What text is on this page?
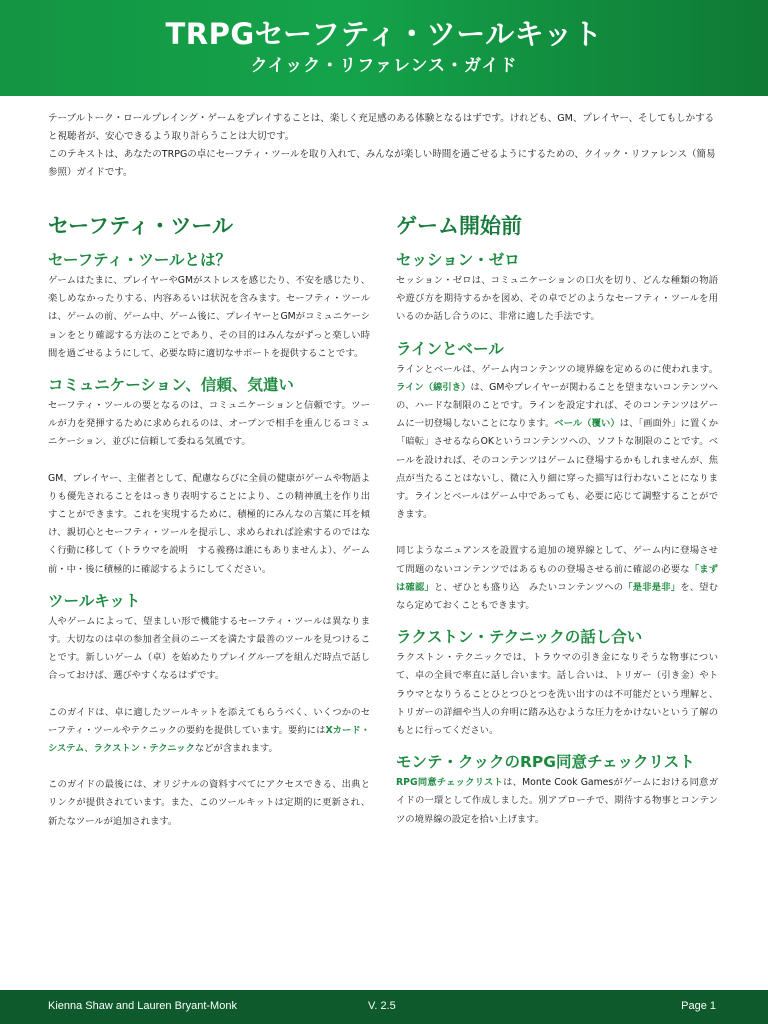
TRPGセーフティ・ツールキット
クイック・リファレンス・ガイド

テーブルトーク・ロールプレイング・ゲームをプレイすることは、楽しく充足感のある体験となるはずです。けれども、GM、プレイヤー、そしてもしかすると視聴者が、安心できるよう取り計らうことは大切です。

このテキストは、あなたのTRPGの卓にセーフティ・ツールを取り入れて、みんなが楽しい時間を過ごせるようにするための、クイック・リファレンス（簡易参照）ガイドです。

セーフティ・ツール
セーフティ・ツールとは？

ゲームはたまに、プレイヤーやGMがストレスを感じたり、不安を感じたり、楽しめなかったりする、内容あるいは状況を含みます。セーフティ・ツールは、ゲームの前、ゲーム中、ゲーム後に、プレイヤーとGMがコミュニケーションをとり確認する方法のことであり、その目的はみんながずっと楽しい時間を過ごせるようにして、必要な時に適切なサポートを提供することです。

コミュニケーション、信頼、気遣い

セーフティ・ツールの要となるのは、コミュニケーションと信頼です。ツールが力を発揮するために求められるのは、オープンで相手を重んじるコミュニケーション、並びに信頼して委ねる気風です。

GM、プレイヤー、主催者として、配慮ならびに全員の健康がゲームや物語よりも優先されることをはっきり表明することにより、この精神風土を作り出すことができます。これを実現するために、積極的にみんなの言葉に耳を傾け、親切心とセーフティ・ツールを提示し、求められれば詮索するのではなく行動に移して（トラウマを説明　する義務は誰にもありませんよ）、ゲーム前・中・後に積極的に確認するようにしてください。

ツールキット

人やゲームによって、望ましい形で機能するセーフティ・ツールは異なります。大切なのは卓の参加者全員のニーズを満たす最善のツールを見つけることです。新しいゲーム（卓）を始めたりプレイグループを組んだ時点で話し合っておけば、選びやすくなるはずです。

このガイドは、卓に適したツールキットを添えてもらうべく、いくつかのセーフティ・ツールやテクニックの要約を提供しています。要約にはXカード・システム、ラクストン・テクニックなどが含まれます。

このガイドの最後には、オリジナルの資料すべてにアクセスできる、出典とリンクが提供されています。また、このツールキットは定期的に更新され、新たなツールが追加されます。

ゲーム開始前
セッション・ゼロ

セッション・ゼロは、コミュニケーションの口火を切り、どんな種類の物語や遊び方を期待するかを図め、その卓でどのようなセーフティ・ツールを用いるのか話し合うのに、非常に適した手法です。

ラインとベール

ラインとベールは、ゲーム内コンテンツの境界線を定めるのに使われます。ライン（線引き）は、GMやプレイヤーが関わることを望まないコンテンツへの、ハードな制限のことです。ラインを設定すれば、そのコンテンツはゲームに一切登場しないことになります。ベール（覆い）は、「画面外」に置くか「暗転」させるならOKというコンテンツへの、ソフトな制限のことです。ベールを設ければ、そのコンテンツはゲームに登場するかもしれませんが、焦点が当たることはないし、微に入り細に穿った描写は行わないことになります。ラインとベールはゲーム中であっても、必要に応じて調整することができます。

同じようなニュアンスを設置する追加の境界線として、ゲーム内に登場させて問題のないコンテンツではあるものの登場させる前に確認の必要な「まずは確認」と、ぜひとも盛り込　みたいコンテンツへの「是非是非」を、望むなら定めておくこともできます。

ラクストン・テクニックの話し合い

ラクストン・テクニックでは、トラウマの引き金になりそうな物事について、卓の全員で率直に話し合います。話し合いは、トリガー（引き金）やトラウマとなりうることひとつひとつを洗い出すのは不可能だという理解と、トリガーの詳細や当人の弁明に踏み込むような圧力をかけないという了解のもとに行ってください。

モンテ・クックのRPG同意チェックリスト

RPG同意チェックリストは、Monte Cook Gamesがゲームにおける同意ガイドの一環として作成しました。別アプローチで、期待する物事とコンテンツの境界線の設定を拾い上げます。

Kienna Shaw and Lauren Bryant-Monk	V. 2.5	Page 1
